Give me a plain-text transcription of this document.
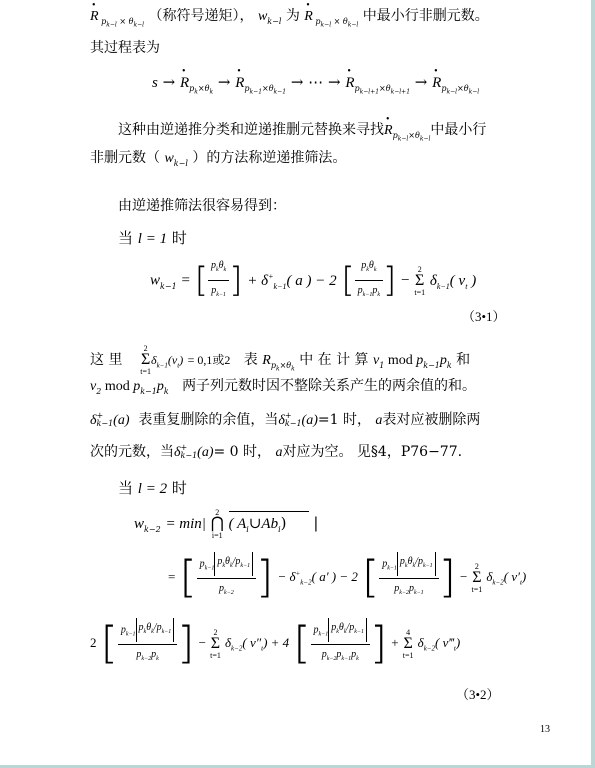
• R $_{p_{k-l} \times \theta_{k-l}}$ （称符号递矩）， $w_{k-l}$ 为 • R $_{p_{k-l} \times \theta_{k-l}}$ 中最小行非删元数。
其过程表为
s → • $R_{p_k\times\theta_k}$ → • $R_{p_{k-1}\times\theta_{k-1}}$ → ⋯ → • $R_{p_{k-l+1}\times\theta_{k-l+1}}$ → • $R_{p_{k-l}\times\theta_{k-l}}$
这种由逆递推分类和逆递推删元替换来寻找• $R_{p_{k-l}\times\theta_{k-l}}$中最小行
非删元数（ $w_{k-l}$ ）的方法称逆递推筛法。
由逆递推筛法很容易得到：
当 l = 1 时
$w_{k-1}$ = [ $\frac{p_k\theta_k}{p_{k-1}}$ ] + $\delta^+_{k-1}$( a ) − 2 [ $\frac{p_k\theta_k}{p_{k-1}p_k}$ ] −
2
Σ
t=1
$\delta_{k-1}$( $v_t$ )
（3•1）
这 里
2
Σ
t=1
$\delta_{k-1}(v_t) = 0,1$或2 表 $R_{p_k\times\theta_k}$ 中 在 计 算 $v_1$ mod $p_{k-1}p_k$ 和
$v_2$ mod $p_{k-1}p_k$ 两子列元数时因不整除关系产生的两余值的和。
δ +
k−1 (a) 表重复删除的余值，当δ +
k−1 (a)=1 时， a表对应被删除两
次的元数，当δ +
k−1 (a)= 0 时， a对应为空。 见§4，P76−77.
当 l = 2 时
$w_{k-2} = \min|$
2
⋂
i=1
( $A_i\cup Ab_i$) |
= [ $\frac{p_{k-1}p_k\theta_k/p_{k-1}}{p_{k-2}}$ ] − $\delta^+_{k-2}$( a′ ) − 2 [ $\frac{p_{k-1}p_k\theta_k/p_{k-1}}{p_{k-2}p_{k-1}}$ ] −
2
Σ
t=1
$\delta_{k-2}$( $v'_t$)
2 [ $\frac{p_{k-1}p_k\theta_k/p_{k-1}}{p_{k-2}p_k}$ ] −
2
Σ
t=1
$\delta_{k-2}$( $v''_t) + 4$ [ $\frac{p_{k-1}p_k\theta_k/p_{k-1}}{p_{k-2}p_{k-1}p_k}$ ] +
4
Σ
t=1
$\delta_{k-2}$( $v‴_t$)
（3•2）
13
